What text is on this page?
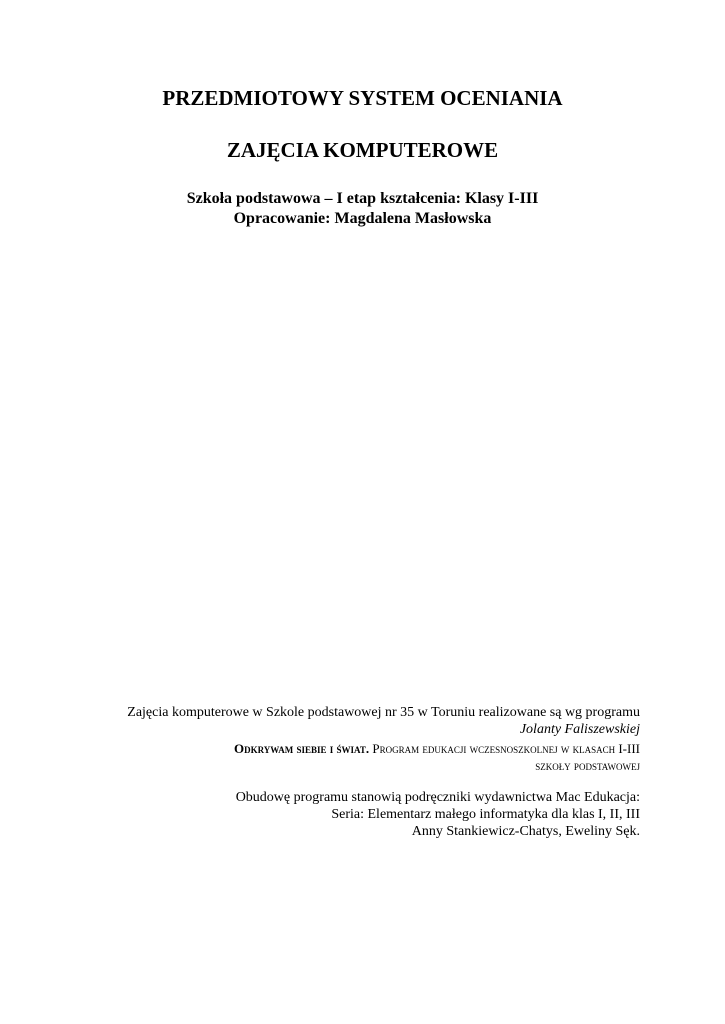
PRZEDMIOTOWY SYSTEM OCENIANIA
ZAJĘCIA KOMPUTEROWE

Szkoła podstawowa – I etap kształcenia: Klasy I-III

Opracowanie: Magdalena Masłowska

Zajęcia komputerowe w Szkole podstawowej nr 35 w Toruniu realizowane są wg programu
Jolanty Faliszewskiej
Odkrywam siebie i świat. Program edukacji wczesnoszkolnej w klasach I-III
szkoły podstawowej
Obudowę programu stanowią podręczniki wydawnictwa Mac Edukacja:
Seria: Elementarz małego informatyka dla klas I, II, III
Anny Stankiewicz-Chatys, Eweliny Sęk.
